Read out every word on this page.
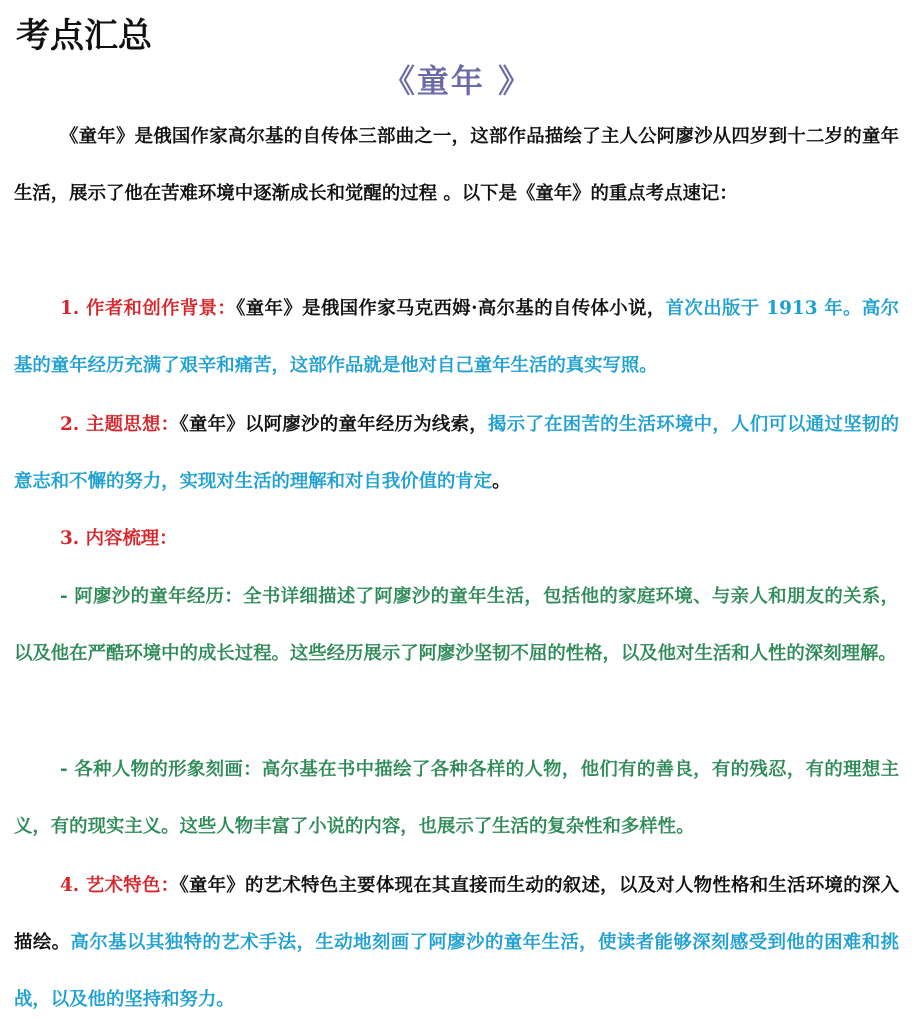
考点汇总
《童年 》

《童年》是俄国作家高尔基的自传体三部曲之一，这部作品描绘了主人公阿廖沙从四岁到十二岁的童年生活，展示了他在苦难环境中逐渐成长和觉醒的过程 。以下是《童年》的重点考点速记：

1. 作者和创作背景：《童年》是俄国作家马克西姆·高尔基的自传体小说，首次出版于 1913 年。高尔基的童年经历充满了艰辛和痛苦，这部作品就是他对自己童年生活的真实写照。

2. 主题思想：《童年》以阿廖沙的童年经历为线索，揭示了在困苦的生活环境中，人们可以通过坚韧的意志和不懈的努力，实现对生活的理解和对自我价值的肯定。

3. 内容梳理：

- 阿廖沙的童年经历：全书详细描述了阿廖沙的童年生活，包括他的家庭环境、与亲人和朋友的关系，以及他在严酷环境中的成长过程。这些经历展示了阿廖沙坚韧不屈的性格，以及他对生活和人性的深刻理解。

- 各种人物的形象刻画：高尔基在书中描绘了各种各样的人物，他们有的善良，有的残忍，有的理想主义，有的现实主义。这些人物丰富了小说的内容，也展示了生活的复杂性和多样性。

4. 艺术特色：《童年》的艺术特色主要体现在其直接而生动的叙述，以及对人物性格和生活环境的深入描绘。高尔基以其独特的艺术手法，生动地刻画了阿廖沙的童年生活，使读者能够深刻感受到他的困难和挑战，以及他的坚持和努力。
